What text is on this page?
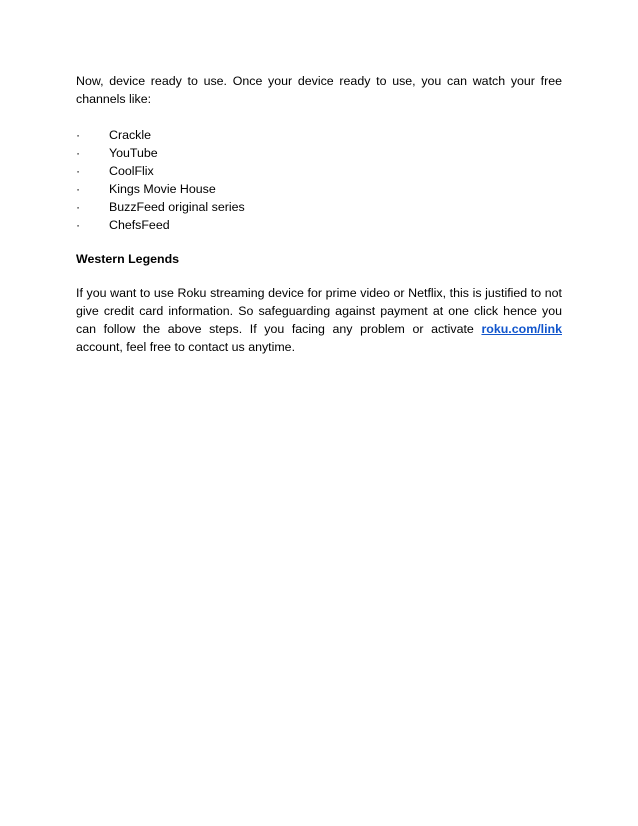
Now, device ready to use. Once your device ready to use, you can watch your free channels like:

·	Crackle
·	YouTube
·	CoolFlix
·	Kings Movie House
·	BuzzFeed original series
·	ChefsFeed
Western Legends

If you want to use Roku streaming device for prime video or Netflix, this is justified to not give credit card information. So safeguarding against payment at one click hence you can follow the above steps. If you facing any problem or activate roku.com/link account, feel free to contact us anytime.
